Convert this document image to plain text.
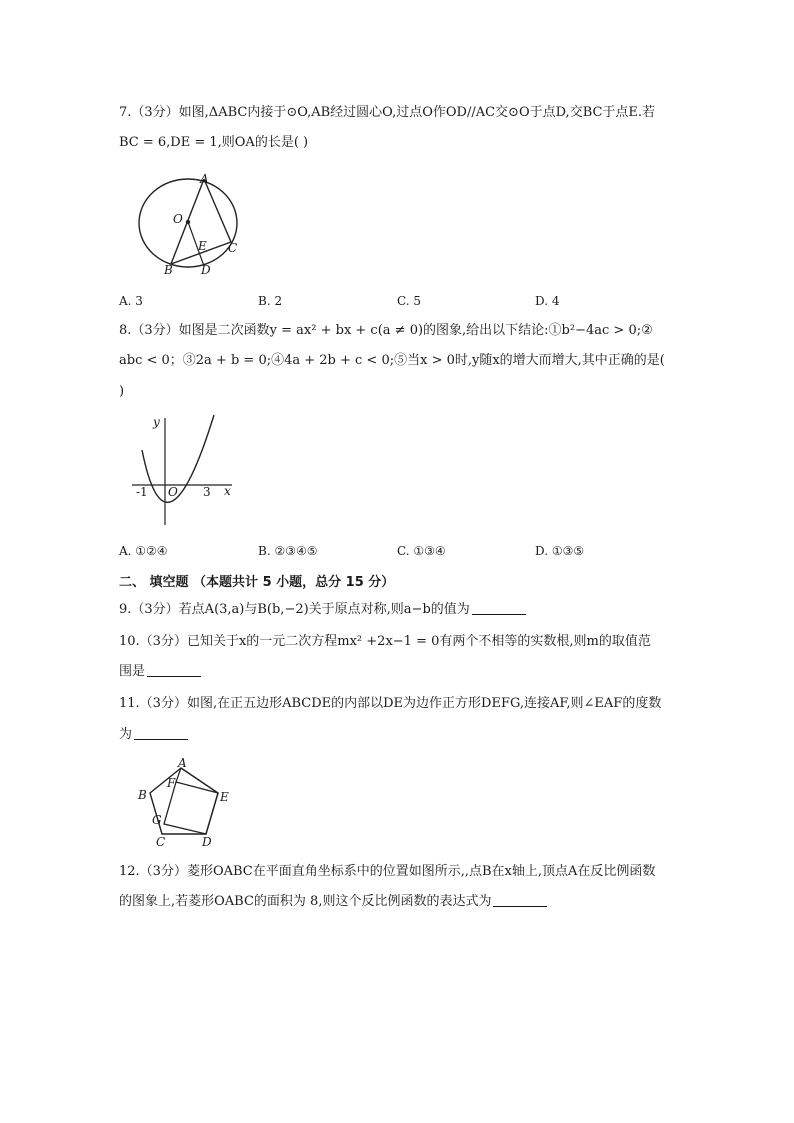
7.（3分）如图,ΔABC内接于⊙O,AB经过圆心O,过点O作OD//AC交⊙O于点D,交BC于点E.若
BC = 6,DE = 1,则OA的长是( )
A
O
E C
B D
A. 3	B. 2	C. 5	D. 4
8.（3分）如图是二次函数y = ax² + bx + c(a ≠ 0)的图象,给出以下结论:①b²−4ac > 0;②
abc < 0；③2a + b = 0;④4a + 2b + c < 0;⑤当x > 0时,y随x的增大而增大,其中正确的是(
)
y
x
O
-1	3
A. ①②④	B. ②③④⑤	C. ①③④	D. ①③⑤
二、 填空题 （本题共计 5 小题，总分 15 分）
9.（3分）若点A(3,a)与B(b,−2)关于原点对称,则a−b的值为
10.（3分）已知关于x的一元二次方程mx² +2x−1 = 0有两个不相等的实数根,则m的取值范
围是
11.（3分）如图,在正五边形ABCDE的内部以DE为边作正方形DEFG,连接AF,则∠EAF的度数
为
A
F
B	E
G
C	D
12.（3分）菱形OABC在平面直角坐标系中的位置如图所示,,点B在x轴上,顶点A在反比例函数
的图象上,若菱形OABC的面积为 8,则这个反比例函数的表达式为
